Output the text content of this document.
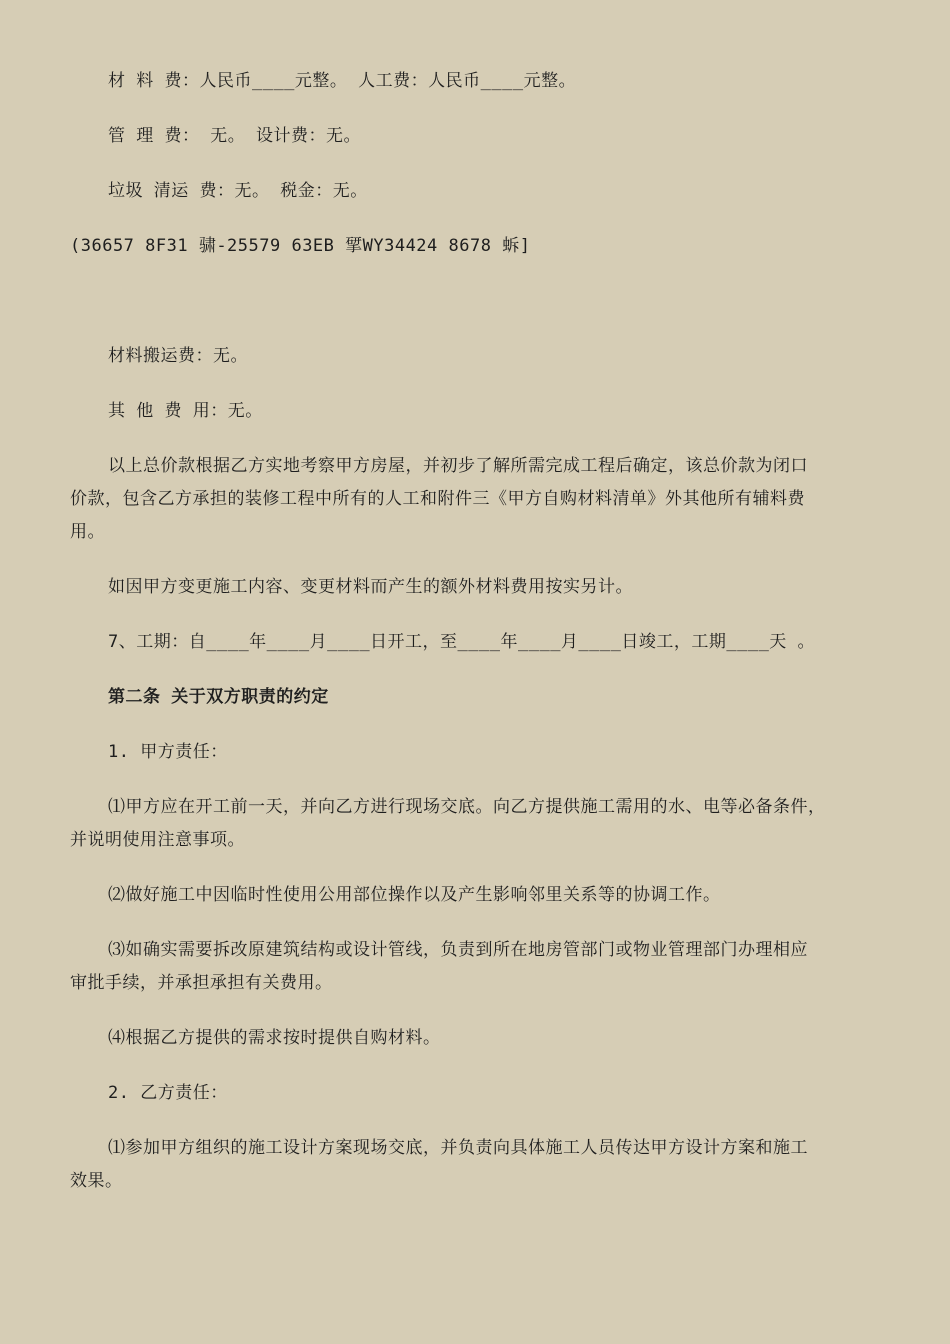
材 料 费：人民币____元整。 人工费：人民币____元整。
管 理 费： 无。 设计费：无。
垃圾 清运 费：无。 税金：无。
(36657 8F31 骕-25579 63EB 揅WY34424 8678 蚸]
材料搬运费：无。
其 他 费 用：无。
以上总价款根据乙方实地考察甲方房屋，并初步了解所需完成工程后确定，该总价款为闭口
价款，包含乙方承担的装修工程中所有的人工和附件三《甲方自购材料清单》外其他所有辅料费
用。
如因甲方变更施工内容、变更材料而产生的额外材料费用按实另计。
7、工期：自____年____月____日开工，至____年____月____日竣工，工期____天 。
第二条 关于双方职责的约定
1. 甲方责任：
⑴甲方应在开工前一天，并向乙方进行现场交底。向乙方提供施工需用的水、电等必备条件，
并说明使用注意事项。
⑵做好施工中因临时性使用公用部位操作以及产生影响邻里关系等的协调工作。
⑶如确实需要拆改原建筑结构或设计管线，负责到所在地房管部门或物业管理部门办理相应
审批手续，并承担承担有关费用。
⑷根据乙方提供的需求按时提供自购材料。
2. 乙方责任：
⑴参加甲方组织的施工设计方案现场交底，并负责向具体施工人员传达甲方设计方案和施工
效果。
